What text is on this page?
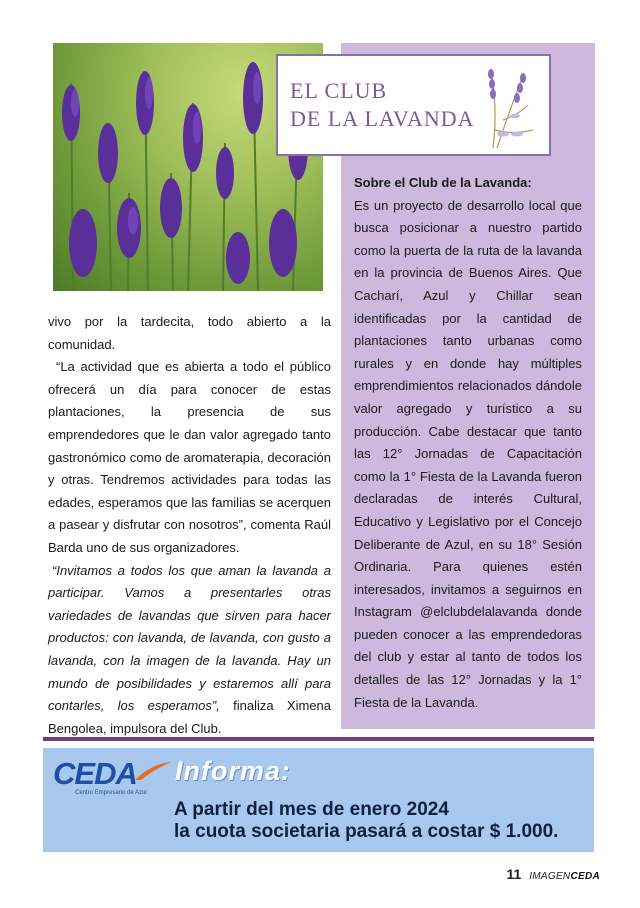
EL CLUB
DE LA LAVANDA
Sobre el Club de la Lavanda:
Es un proyecto de desarrollo local que busca posicionar a nuestro partido como la puerta de la ruta de la lavanda en la provincia de Buenos Aires. Que Cacharí, Azul y Chillar sean identificadas por la cantidad de plantaciones tanto urbanas como rurales y en donde hay múltiples emprendimientos relacionados dándole valor agregado y turístico a su producción. Cabe destacar que tanto las 12° Jornadas de Capacitación como la 1° Fiesta de la Lavanda fueron declaradas de interés Cultural, Educativo y Legislativo por el Concejo Deliberante de Azul, en su 18° Sesión Ordinaria. Para quienes estén interesados, invitamos a seguirnos en Instagram @elclubdelalavanda donde pueden conocer a las emprendedoras del club y estar al tanto de todos los detalles de las 12° Jornadas y la 1° Fiesta de la Lavanda.

vivo por la tardecita, todo abierto a la comunidad.

“La actividad que es abierta a todo el público ofrecerá un día para conocer de estas plantaciones, la presencia de sus emprendedores que le dan valor agregado tanto gastronómico como de aromaterapia, decoración y otras. Tendremos actividades para todas las edades, esperamos que las familias se acerquen a pasear y disfrutar con nosotros”, comenta Raúl Barda uno de sus organizadores.

“Invitamos a todos los que aman la lavanda a participar. Vamos a presentarles otras variedades de lavandas que sirven para hacer productos: con lavanda, de lavanda, con gusto a lavanda, con la imagen de la lavanda. Hay un mundo de posibilidades y estaremos allí para contarles, los esperamos”, finaliza Ximena Bengolea, impulsora del Club.

CEDA
Centro Empresario de Azul
Informa:
A partir del mes de enero 2024
la cuota societaria pasará a costar $ 1.000.
11 IMAGENCEDA
